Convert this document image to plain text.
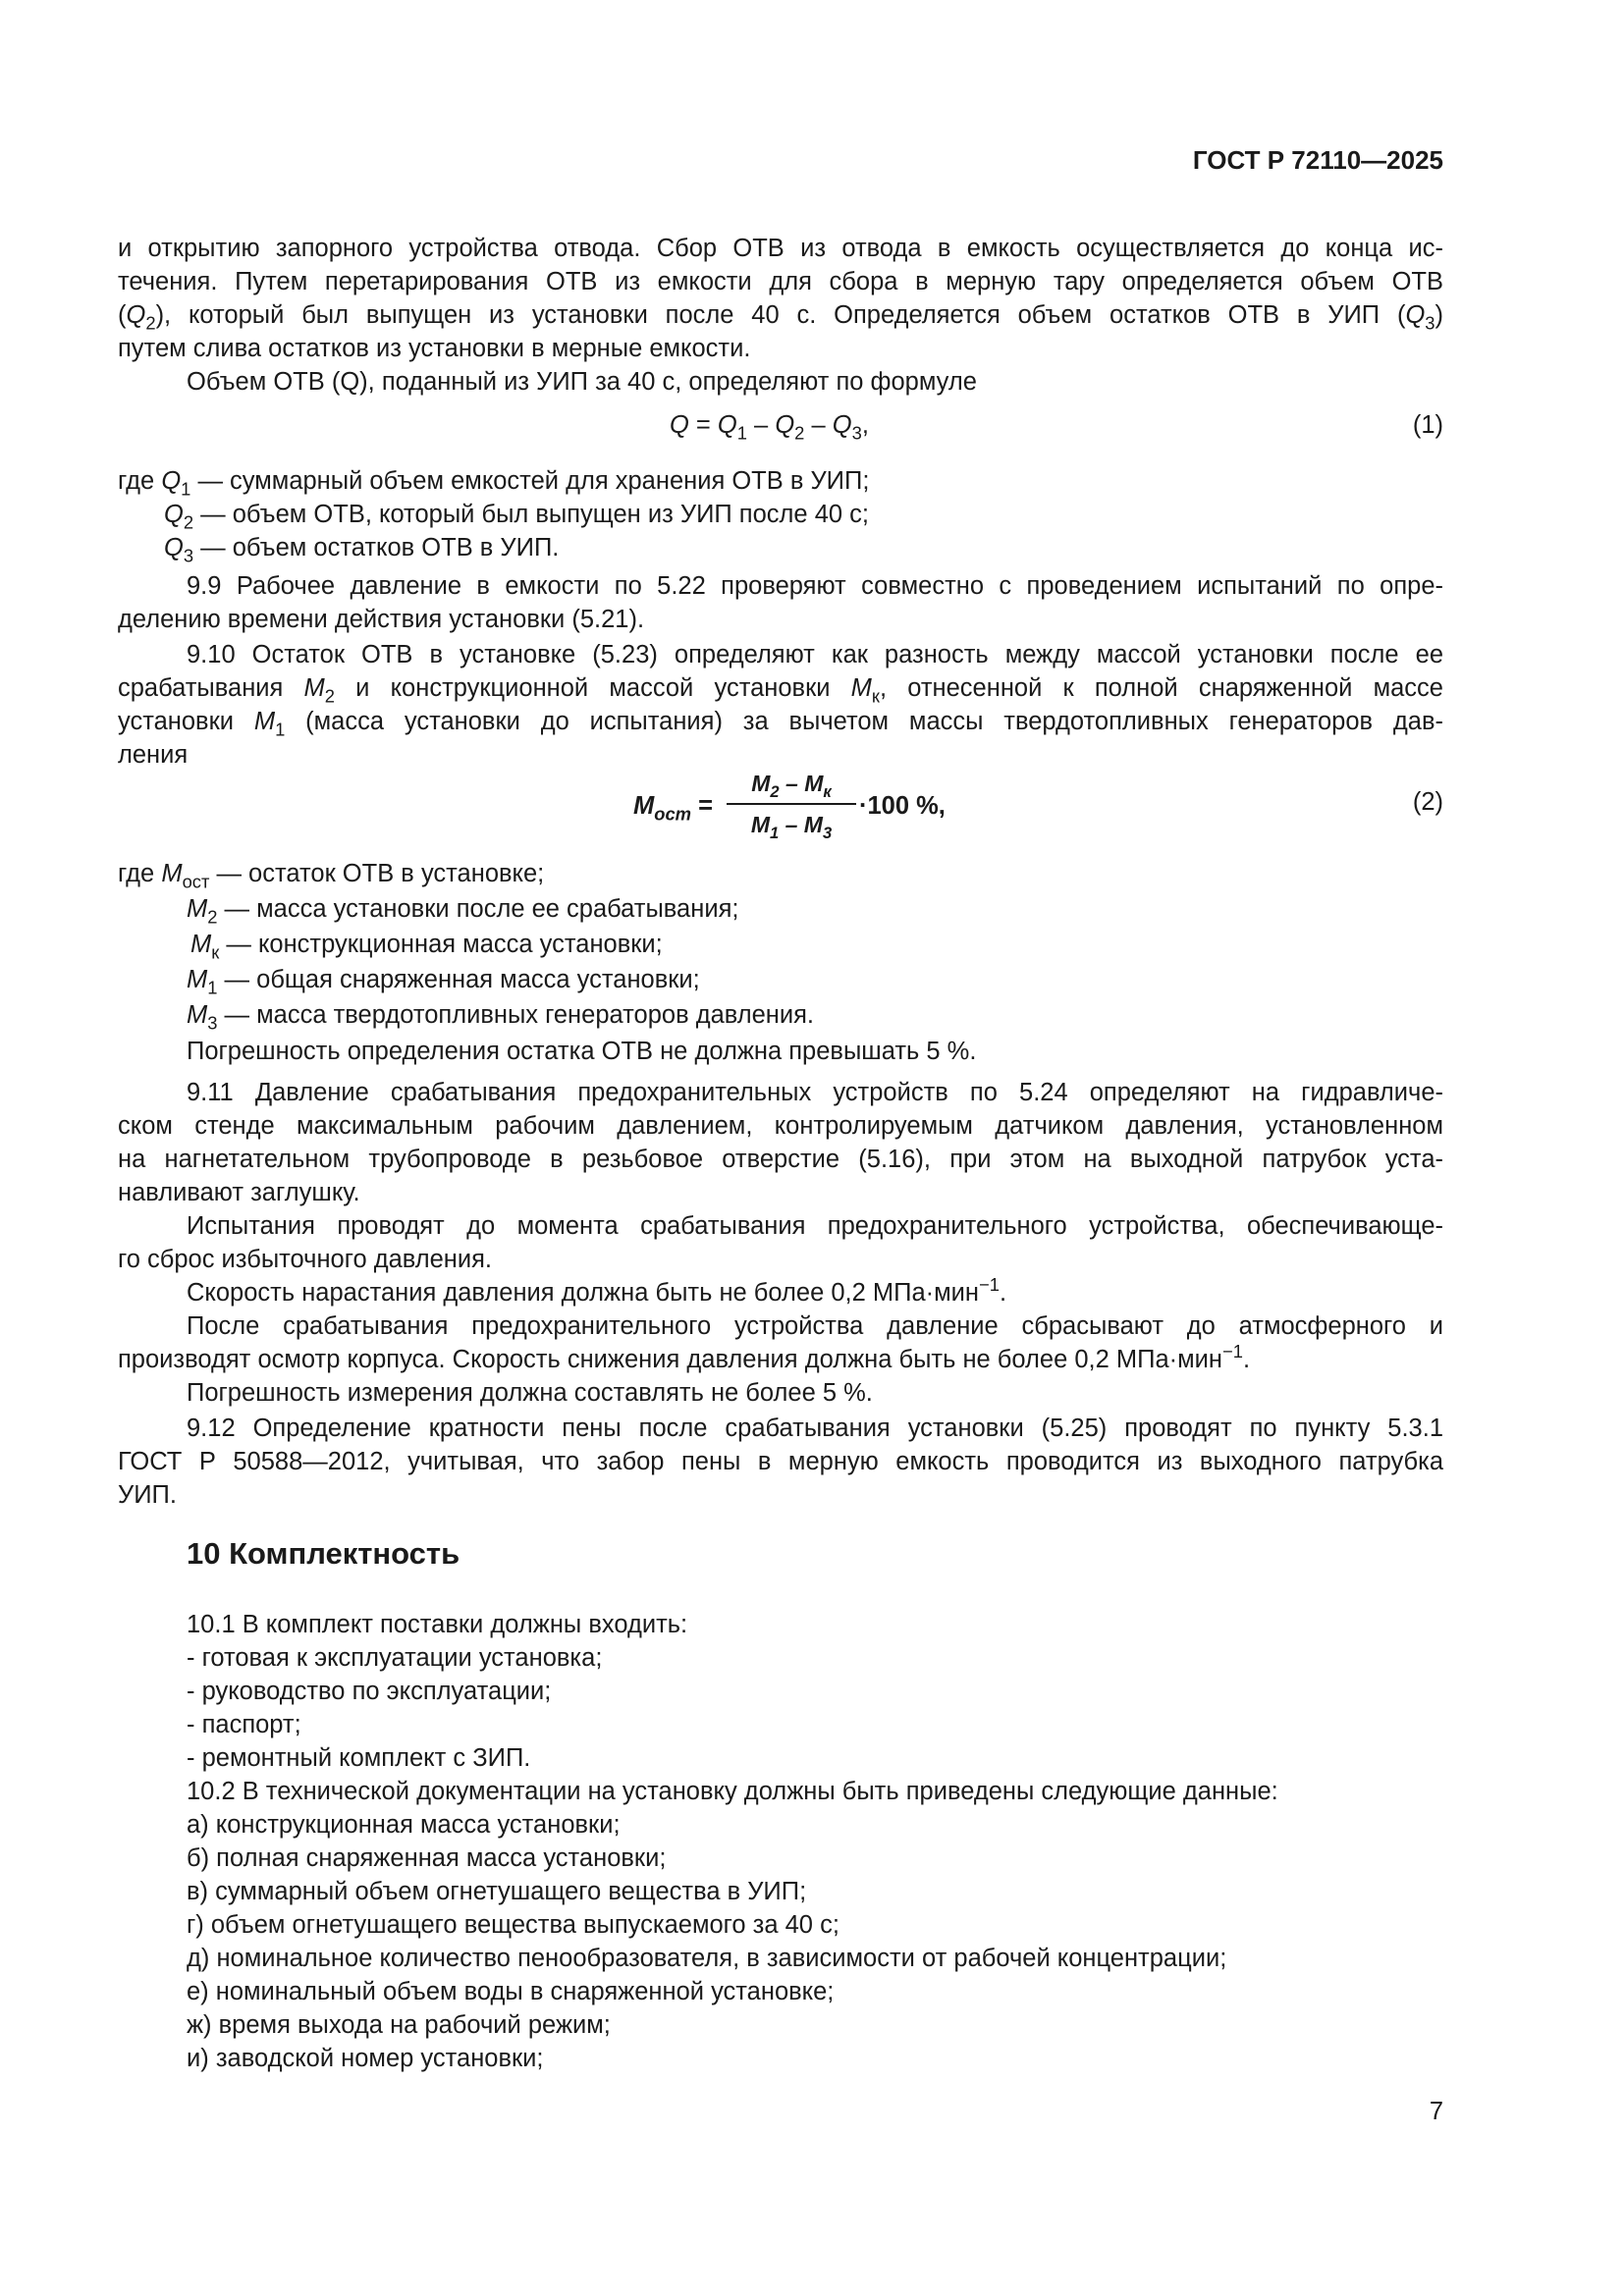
ГОСТ Р 72110—2025
и открытию запорного устройства отвода. Сбор ОТВ из отвода в емкость осуществляется до конца ис-
течения. Путем перетарирования ОТВ из емкости для сбора в мерную тару определяется объем ОТВ
$(Q_2)$, который был выпущен из установки после 40 с. Определяется объем остатков ОТВ в УИП $(Q_3)$
путем слива остатков из установки в мерные емкости.
Объем ОТВ (Q), поданный из УИП за 40 с, определяют по формуле
$Q = Q_1 - Q_2 - Q_3$,	(1)
где $Q_1$ — суммарный объем емкостей для хранения ОТВ в УИП;
$Q_2$ — объем ОТВ, который был выпущен из УИП после 40 с;
$Q_3$ — объем остатков ОТВ в УИП.
9.9 Рабочее давление в емкости по 5.22 проверяют совместно с проведением испытаний по опре-
делению времени действия установки (5.21).
9.10 Остаток ОТВ в установке (5.23) определяют как разность между массой установки после ее
срабатывания $M_2$ и конструкционной массой установки $M_к$, отнесенной к полной снаряженной массе
установки $M_1$ (масса установки до испытания) за вычетом массы твердотопливных генераторов дав-
ления
$M_{ост}$ =
$M_2 - M_к$
$M_1 - M_3$
·100 %,	(2)
где $M_{ост}$ — остаток ОТВ в установке;
$M_2$ — масса установки после ее срабатывания;
$M_к$ — конструкционная масса установки;
$M_1$ — общая снаряженная масса установки;
$M_3$ — масса твердотопливных генераторов давления.
Погрешность определения остатка ОТВ не должна превышать 5 %.
9.11 Давление срабатывания предохранительных устройств по 5.24 определяют на гидравличе-
ском стенде максимальным рабочим давлением, контролируемым датчиком давления, установленном
на нагнетательном трубопроводе в резьбовое отверстие (5.16), при этом на выходной патрубок уста-
навливают заглушку.
Испытания проводят до момента срабатывания предохранительного устройства, обеспечивающе-
го сброс избыточного давления.
Скорость нарастания давления должна быть не более 0,2 МПа·мин$^{-1}$.
После срабатывания предохранительного устройства давление сбрасывают до атмосферного и
производят осмотр корпуса. Скорость снижения давления должна быть не более 0,2 МПа·мин$^{-1}$.
Погрешность измерения должна составлять не более 5 %.
9.12 Определение кратности пены после срабатывания установки (5.25) проводят по пункту 5.3.1
ГОСТ Р 50588—2012, учитывая, что забор пены в мерную емкость проводится из выходного патрубка
УИП.
10 Комплектность
10.1 В комплект поставки должны входить:
- готовая к эксплуатации установка;
- руководство по эксплуатации;
- паспорт;
- ремонтный комплект с ЗИП.
10.2 В технической документации на установку должны быть приведены следующие данные:
а) конструкционная масса установки;
б) полная снаряженная масса установки;
в) суммарный объем огнетушащего вещества в УИП;
г) объем огнетушащего вещества выпускаемого за 40 с;
д) номинальное количество пенообразователя, в зависимости от рабочей концентрации;
е) номинальный объем воды в снаряженной установке;
ж) время выхода на рабочий режим;
и) заводской номер установки;
7
